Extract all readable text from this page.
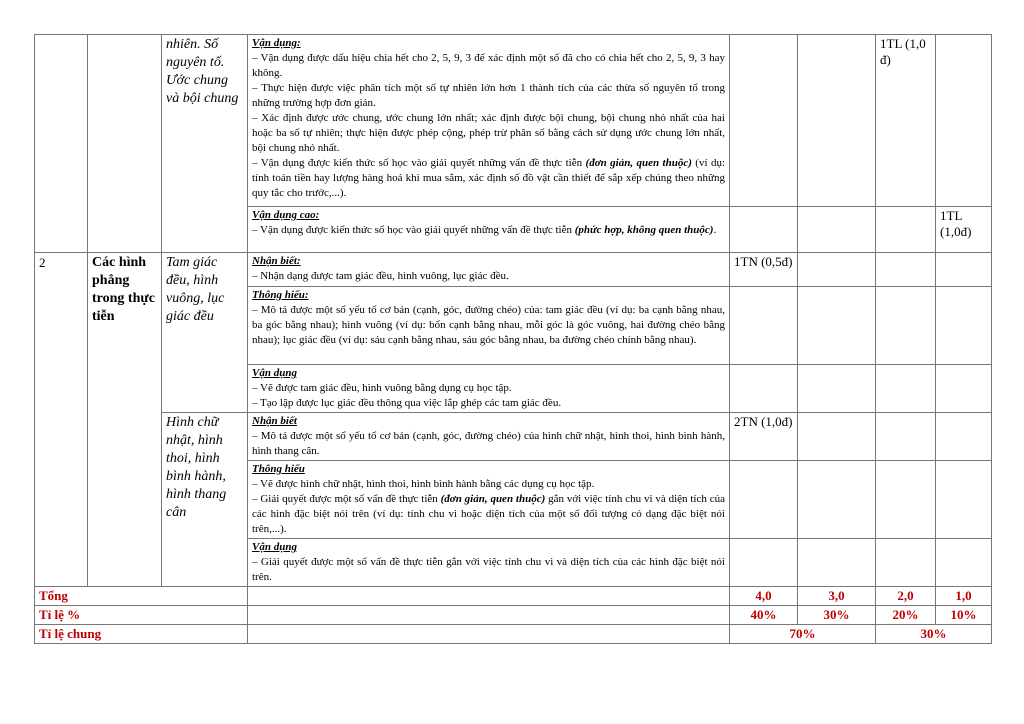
		nhiên. Số nguyên tố. Ước chung và bội chung	Vận dụng:
– Vận dụng được dấu hiệu chia hết cho 2, 5, 9, 3 để xác định một số đã cho có chia hết cho 2, 5, 9, 3 hay không.
– Thực hiện được việc phân tích một số tự nhiên lớn hơn 1 thành tích của các thừa số nguyên tố trong những trường hợp đơn giản.
– Xác định được ước chung, ước chung lớn nhất; xác định được bội chung, bội chung nhỏ nhất của hai hoặc ba số tự nhiên; thực hiện được phép cộng, phép trừ phân số bằng cách sử dụng ước chung lớn nhất, bội chung nhỏ nhất.
– Vận dụng được kiến thức số học vào giải quyết những vấn đề thực tiễn (đơn giản, quen thuộc) (ví dụ: tính toán tiền hay lượng hàng hoá khi mua sắm, xác định số đồ vật cần thiết để sắp xếp chúng theo những quy tắc cho trước,...).			1TL (1,0 đ)	

			Vận dụng cao:
– Vận dụng được kiến thức số học vào giải quyết những vấn đề thực tiễn (phức hợp, không quen thuộc).				1TL (1,0đ)
2	Các hình phẳng trong thực tiễn	Tam giác đều, hình vuông, lục giác đều	Nhận biết:
– Nhận dạng được tam giác đều, hình vuông, lục giác đều.	1TN (0,5đ)			

			Thông hiểu:
– Mô tả được một số yếu tố cơ bản (cạnh, góc, đường chéo) của: tam giác đều (ví dụ: ba cạnh bằng nhau, ba góc bằng nhau); hình vuông (ví dụ: bốn cạnh bằng nhau, mỗi góc là góc vuông, hai đường chéo bằng nhau); lục giác đều (ví dụ: sáu cạnh bằng nhau, sáu góc bằng nhau, ba đường chéo chính bằng nhau).				

			Vận dụng
– Vẽ được tam giác đều, hình vuông bằng dụng cụ học tập.
– Tạo lập được lục giác đều thông qua việc lắp ghép các tam giác đều.				

		Hình chữ nhật, hình thoi, hình bình hành, hình thang cân	Nhận biết
– Mô tả được một số yếu tố cơ bản (cạnh, góc, đường chéo) của hình chữ nhật, hình thoi, hình bình hành, hình thang cân.	2TN (1,0đ)			

			Thông hiểu
– Vẽ được hình chữ nhật, hình thoi, hình bình hành bằng các dụng cụ học tập.
– Giải quyết được một số vấn đề thực tiễn (đơn giản, quen thuộc) gắn với việc tính chu vi và diện tích của các hình đặc biệt nói trên (ví dụ: tính chu vi hoặc diện tích của một số đối tượng có dạng đặc biệt nói trên,...).				

			Vận dụng
– Giải quyết được một số vấn đề thực tiễn gắn với việc tính chu vi và diện tích của các hình đặc biệt nói trên.				

Tổng				4,0	3,0	2,0	1,0
Tỉ lệ %				40%	30%	20%	10%
Tỉ lệ chung				70%		30%	
